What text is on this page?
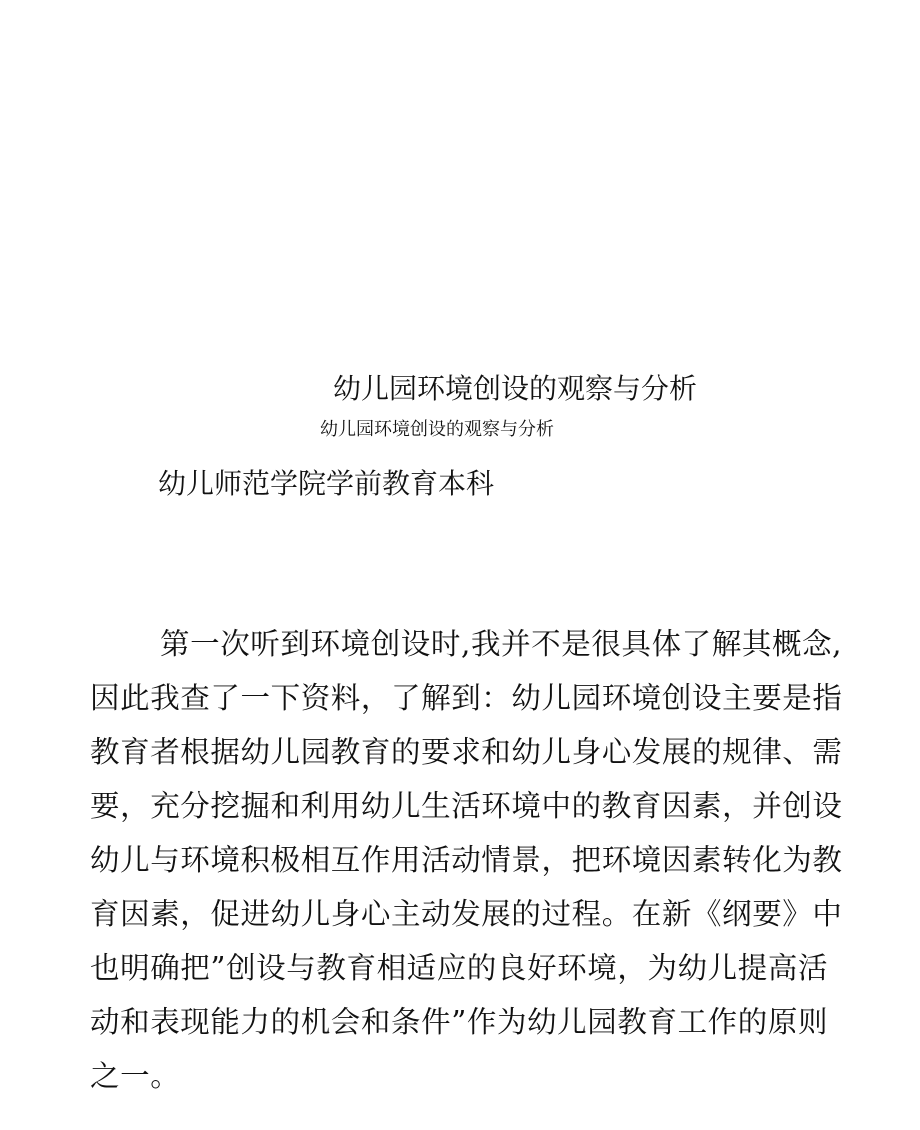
幼儿园环境创设的观察与分析
幼儿园环境创设的观察与分析
幼儿师范学院学前教育本科
第一次听到环境创设时,我并不是很具体了解其概念,
因此我查了一下资料，了解到：幼儿园环境创设主要是指
教育者根据幼儿园教育的要求和幼儿身心发展的规律、需
要，充分挖掘和利用幼儿生活环境中的教育因素，并创设
幼儿与环境积极相互作用活动情景，把环境因素转化为教
育因素，促进幼儿身心主动发展的过程。在新《纲要》中
也明确把”创设与教育相适应的良好环境，为幼儿提高活
动和表现能力的机会和条件”作为幼儿园教育工作的原则
之一。
